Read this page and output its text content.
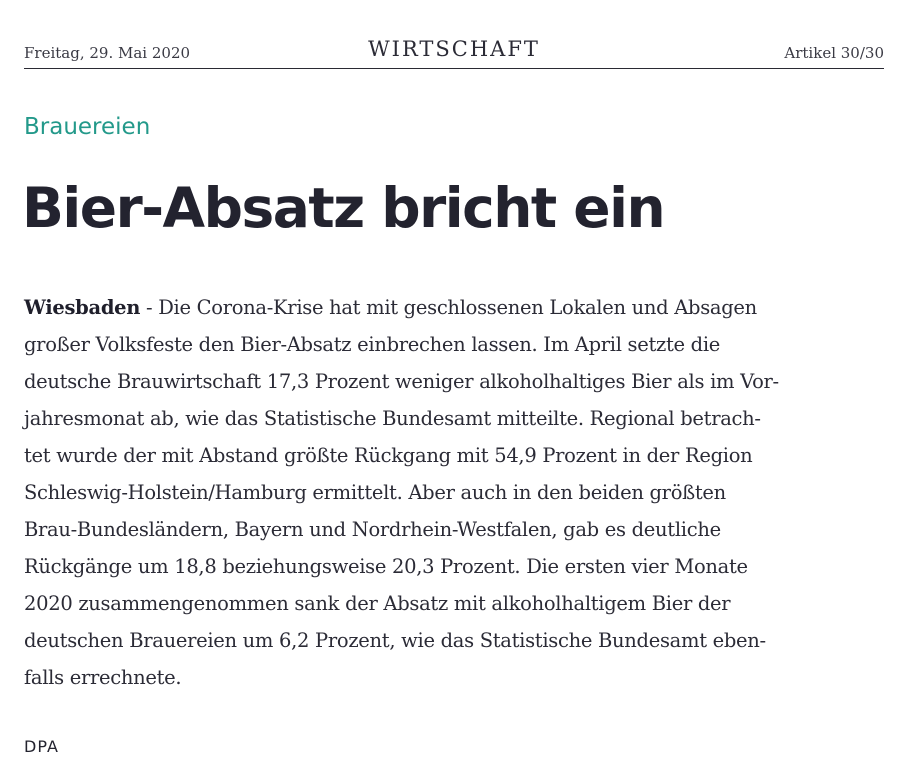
Freitag, 29. Mai 2020	WIRTSCHAFT	Artikel 30/30
Brauereien
Bier-Absatz bricht ein
Wiesbaden - Die Corona-Krise hat mit geschlossenen Lokalen und Absagen
großer Volksfeste den Bier-Absatz einbrechen lassen. Im April setzte die
deutsche Brauwirtschaft 17,3 Prozent weniger alkoholhaltiges Bier als im Vor-
jahresmonat ab, wie das Statistische Bundesamt mitteilte. Regional betrach-
tet wurde der mit Abstand größte Rückgang mit 54,9 Prozent in der Region
Schleswig-Holstein/Hamburg ermittelt. Aber auch in den beiden größten
Brau-Bundesländern, Bayern und Nordrhein-Westfalen, gab es deutliche
Rückgänge um 18,8 beziehungsweise 20,3 Prozent. Die ersten vier Monate
2020 zusammengenommen sank der Absatz mit alkoholhaltigem Bier der
deutschen Brauereien um 6,2 Prozent, wie das Statistische Bundesamt eben-
falls errechnete.
DPA
